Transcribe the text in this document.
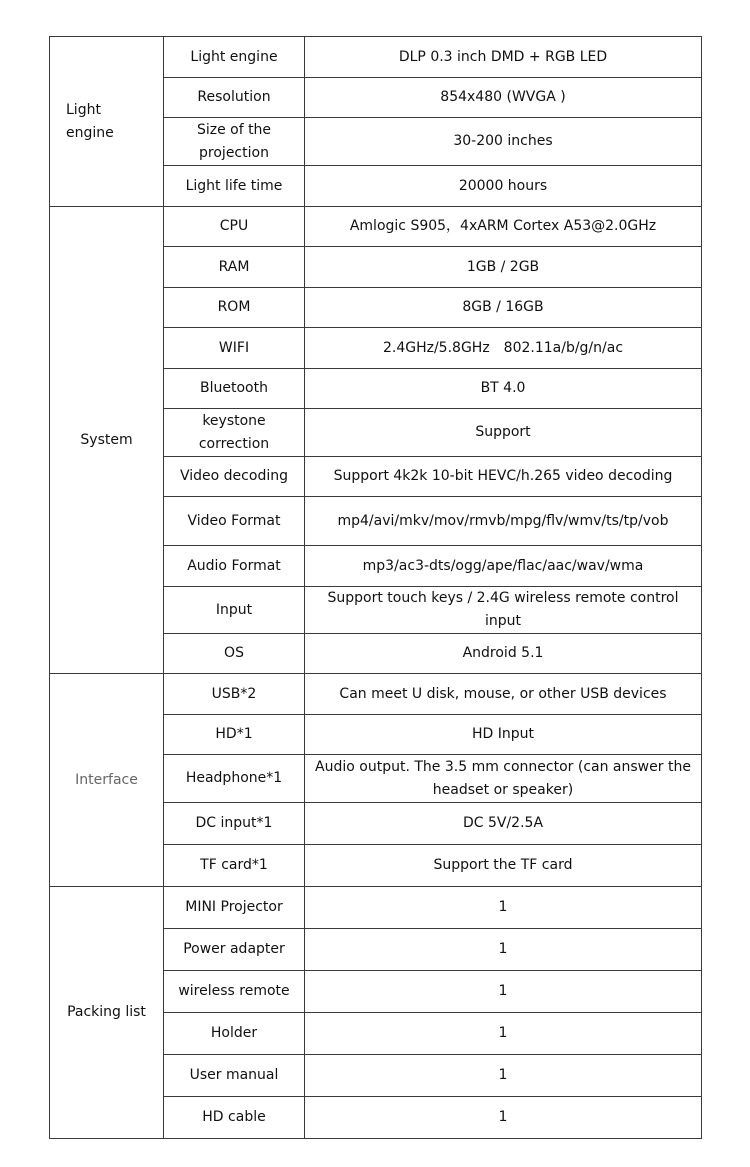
Light
engine	Light engine	DLP 0.3 inch DMD + RGB LED
	Resolution	854x480 (WVGA )
	Size of the projection	30-200 inches
	Light life time	20000 hours
System	CPU	Amlogic S905，4xARM Cortex A53@2.0GHz
	RAM	1GB / 2GB
	ROM	8GB / 16GB
	WIFI	2.4GHz/5.8GHz　802.11a/b/g/n/ac
	Bluetooth	BT 4.0
	keystone correction	Support
	Video decoding	Support 4k2k 10-bit HEVC/h.265 video decoding
	Video Format	mp4/avi/mkv/mov/rmvb/mpg/flv/wmv/ts/tp/vob
	Audio Format	mp3/ac3-dts/ogg/ape/flac/aac/wav/wma
	Input	Support touch keys / 2.4G wireless remote control input
	OS	Android 5.1
Interface	USB*2	Can meet U disk, mouse, or other USB devices
	HD*1	HD Input
	Headphone*1	Audio output. The 3.5 mm connector (can answer the headset or speaker)
	DC input*1	DC 5V/2.5A
	TF card*1	Support the TF card
Packing list	MINI Projector	1
	Power adapter	1
	wireless remote	1
	Holder	1
	User manual	1
	HD cable	1
